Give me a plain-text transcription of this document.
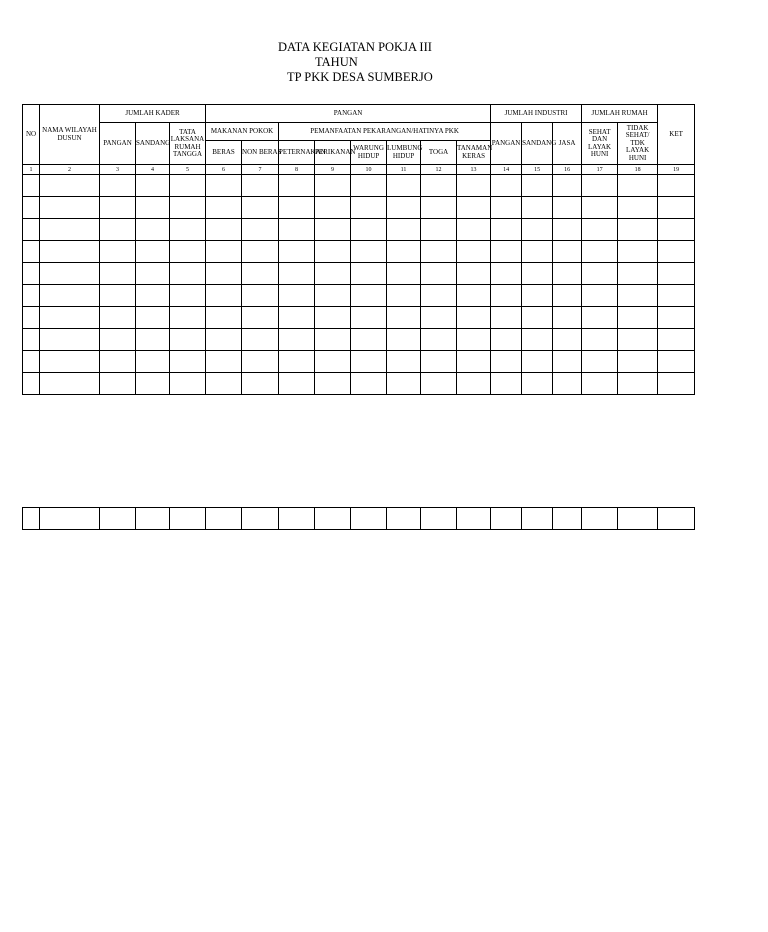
DATA KEGIATAN POKJA III
TAHUN
TP PKK DESA SUMBERJO
NO	NAMA WILAYAH DUSUN	JUMLAH KADER			PANGAN								JUMLAH INDUSTRI			JUMLAH RUMAH		KET
		PANGAN	SANDANG	TATA LAKSANA RUMAH TANGGA	MAKANAN POKOK		PEMANFAATAN PEKARANGAN/HATINYA PKK						PANGAN	SANDANG	JASA	SEHAT DAN LAYAK HUNI	TIDAK SEHAT/ TDK LAYAK HUNI	
					BERAS	NON BERAS	PETERNAKAN	PERIKANAN	WARUNG HIDUP	LUMBUNG HIDUP	TOGA	TANAMAN KERAS						
1	2	3	4	5	6	7	8	9	10	11	12	13	14	15	16	17	18	19
